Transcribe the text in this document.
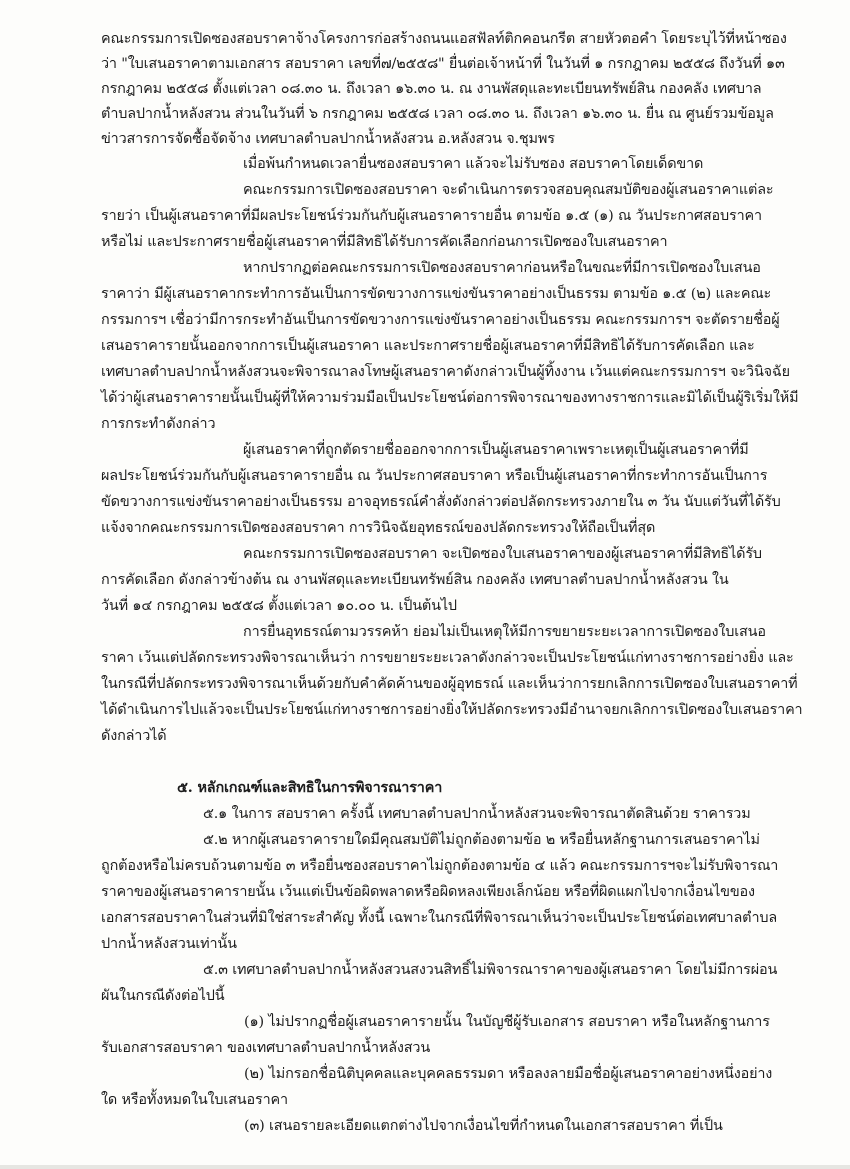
คณะกรรมการเปิดซองสอบราคาจ้างโครงการก่อสร้างถนนแอสฟัลท์ติกคอนกรีต สายหัวตอคำ โดยระบุไว้ที่หน้าซอง
ว่า "ใบเสนอราคาตามเอกสาร สอบราคา เลขที่๗/๒๕๕๘" ยื่นต่อเจ้าหน้าที่ ในวันที่ ๑ กรกฎาคม ๒๕๕๘ ถึงวันที่ ๑๓
กรกฎาคม ๒๕๕๘ ตั้งแต่เวลา ๐๘.๓๐ น. ถึงเวลา ๑๖.๓๐ น. ณ งานพัสดุและทะเบียนทรัพย์สิน กองคลัง เทศบาล
ตำบลปากน้ำหลังสวน ส่วนในวันที่ ๖ กรกฎาคม ๒๕๕๘ เวลา ๐๘.๓๐ น. ถึงเวลา ๑๖.๓๐ น. ยื่น ณ ศูนย์รวมข้อมูล
ข่าวสารการจัดซื้อจัดจ้าง เทศบาลตำบลปากน้ำหลังสวน อ.หลังสวน จ.ชุมพร
เมื่อพ้นกำหนดเวลายื่นซองสอบราคา แล้วจะไม่รับซอง สอบราคาโดยเด็ดขาด
คณะกรรมการเปิดซองสอบราคา จะดำเนินการตรวจสอบคุณสมบัติของผู้เสนอราคาแต่ละ
รายว่า เป็นผู้เสนอราคาที่มีผลประโยชน์ร่วมกันกับผู้เสนอราคารายอื่น ตามข้อ ๑.๕ (๑) ณ วันประกาศสอบราคา
หรือไม่ และประกาศรายชื่อผู้เสนอราคาที่มีสิทธิได้รับการคัดเลือกก่อนการเปิดซองใบเสนอราคา
หากปรากฏต่อคณะกรรมการเปิดซองสอบราคาก่อนหรือในขณะที่มีการเปิดซองใบเสนอ
ราคาว่า มีผู้เสนอราคากระทำการอันเป็นการขัดขวางการแข่งขันราคาอย่างเป็นธรรม ตามข้อ ๑.๕ (๒) และคณะ
กรรมการฯ เชื่อว่ามีการกระทำอันเป็นการขัดขวางการแข่งขันราคาอย่างเป็นธรรม คณะกรรมการฯ จะตัดรายชื่อผู้
เสนอราคารายนั้นออกจากการเป็นผู้เสนอราคา และประกาศรายชื่อผู้เสนอราคาที่มีสิทธิได้รับการคัดเลือก และ
เทศบาลตำบลปากน้ำหลังสวนจะพิจารณาลงโทษผู้เสนอราคาดังกล่าวเป็นผู้ทิ้งงาน เว้นแต่คณะกรรมการฯ จะวินิจฉัย
ได้ว่าผู้เสนอราคารายนั้นเป็นผู้ที่ให้ความร่วมมือเป็นประโยชน์ต่อการพิจารณาของทางราชการและมิได้เป็นผู้ริเริ่มให้มี
การกระทำดังกล่าว
ผู้เสนอราคาที่ถูกตัดรายชื่อออกจากการเป็นผู้เสนอราคาเพราะเหตุเป็นผู้เสนอราคาที่มี
ผลประโยชน์ร่วมกันกับผู้เสนอราคารายอื่น ณ วันประกาศสอบราคา หรือเป็นผู้เสนอราคาที่กระทำการอันเป็นการ
ขัดขวางการแข่งขันราคาอย่างเป็นธรรม อาจอุทธรณ์คำสั่งดังกล่าวต่อปลัดกระทรวงภายใน ๓ วัน นับแต่วันที่ได้รับ
แจ้งจากคณะกรรมการเปิดซองสอบราคา การวินิจฉัยอุทธรณ์ของปลัดกระทรวงให้ถือเป็นที่สุด
คณะกรรมการเปิดซองสอบราคา จะเปิดซองใบเสนอราคาของผู้เสนอราคาที่มีสิทธิได้รับ
การคัดเลือก ดังกล่าวข้างต้น ณ งานพัสดุและทะเบียนทรัพย์สิน กองคลัง เทศบาลตำบลปากน้ำหลังสวน ใน
วันที่ ๑๔ กรกฎาคม ๒๕๕๘ ตั้งแต่เวลา ๑๐.๐๐ น. เป็นต้นไป
การยื่นอุทธรณ์ตามวรรคห้า ย่อมไม่เป็นเหตุให้มีการขยายระยะเวลาการเปิดซองใบเสนอ
ราคา เว้นแต่ปลัดกระทรวงพิจารณาเห็นว่า การขยายระยะเวลาดังกล่าวจะเป็นประโยชน์แก่ทางราชการอย่างยิ่ง และ
ในกรณีที่ปลัดกระทรวงพิจารณาเห็นด้วยกับคำคัดค้านของผู้อุทธรณ์ และเห็นว่าการยกเลิกการเปิดซองใบเสนอราคาที่
ได้ดำเนินการไปแล้วจะเป็นประโยชน์แก่ทางราชการอย่างยิ่งให้ปลัดกระทรวงมีอำนาจยกเลิกการเปิดซองใบเสนอราคา
ดังกล่าวได้
๕. หลักเกณฑ์และสิทธิในการพิจารณาราคา
๕.๑ ในการ สอบราคา ครั้งนี้ เทศบาลตำบลปากน้ำหลังสวนจะพิจารณาตัดสินด้วย ราคารวม
๕.๒ หากผู้เสนอราคารายใดมีคุณสมบัติไม่ถูกต้องตามข้อ ๒ หรือยื่นหลักฐานการเสนอราคาไม่
ถูกต้องหรือไม่ครบถ้วนตามข้อ ๓ หรือยื่นซองสอบราคาไม่ถูกต้องตามข้อ ๔ แล้ว คณะกรรมการฯจะไม่รับพิจารณา
ราคาของผู้เสนอราคารายนั้น เว้นแต่เป็นข้อผิดพลาดหรือผิดหลงเพียงเล็กน้อย หรือที่ผิดแผกไปจากเงื่อนไขของ
เอกสารสอบราคาในส่วนที่มิใช่สาระสำคัญ ทั้งนี้ เฉพาะในกรณีที่พิจารณาเห็นว่าจะเป็นประโยชน์ต่อเทศบาลตำบล
ปากน้ำหลังสวนเท่านั้น
๕.๓ เทศบาลตำบลปากน้ำหลังสวนสงวนสิทธิ์ไม่พิจารณาราคาของผู้เสนอราคา โดยไม่มีการผ่อน
ผันในกรณีดังต่อไปนี้
(๑) ไม่ปรากฏชื่อผู้เสนอราคารายนั้น ในบัญชีผู้รับเอกสาร สอบราคา หรือในหลักฐานการ
รับเอกสารสอบราคา ของเทศบาลตำบลปากน้ำหลังสวน
(๒) ไม่กรอกชื่อนิติบุคคลและบุคคลธรรมดา หรือลงลายมือชื่อผู้เสนอราคาอย่างหนึ่งอย่าง
ใด หรือทั้งหมดในใบเสนอราคา
(๓) เสนอรายละเอียดแตกต่างไปจากเงื่อนไขที่กำหนดในเอกสารสอบราคา ที่เป็น
